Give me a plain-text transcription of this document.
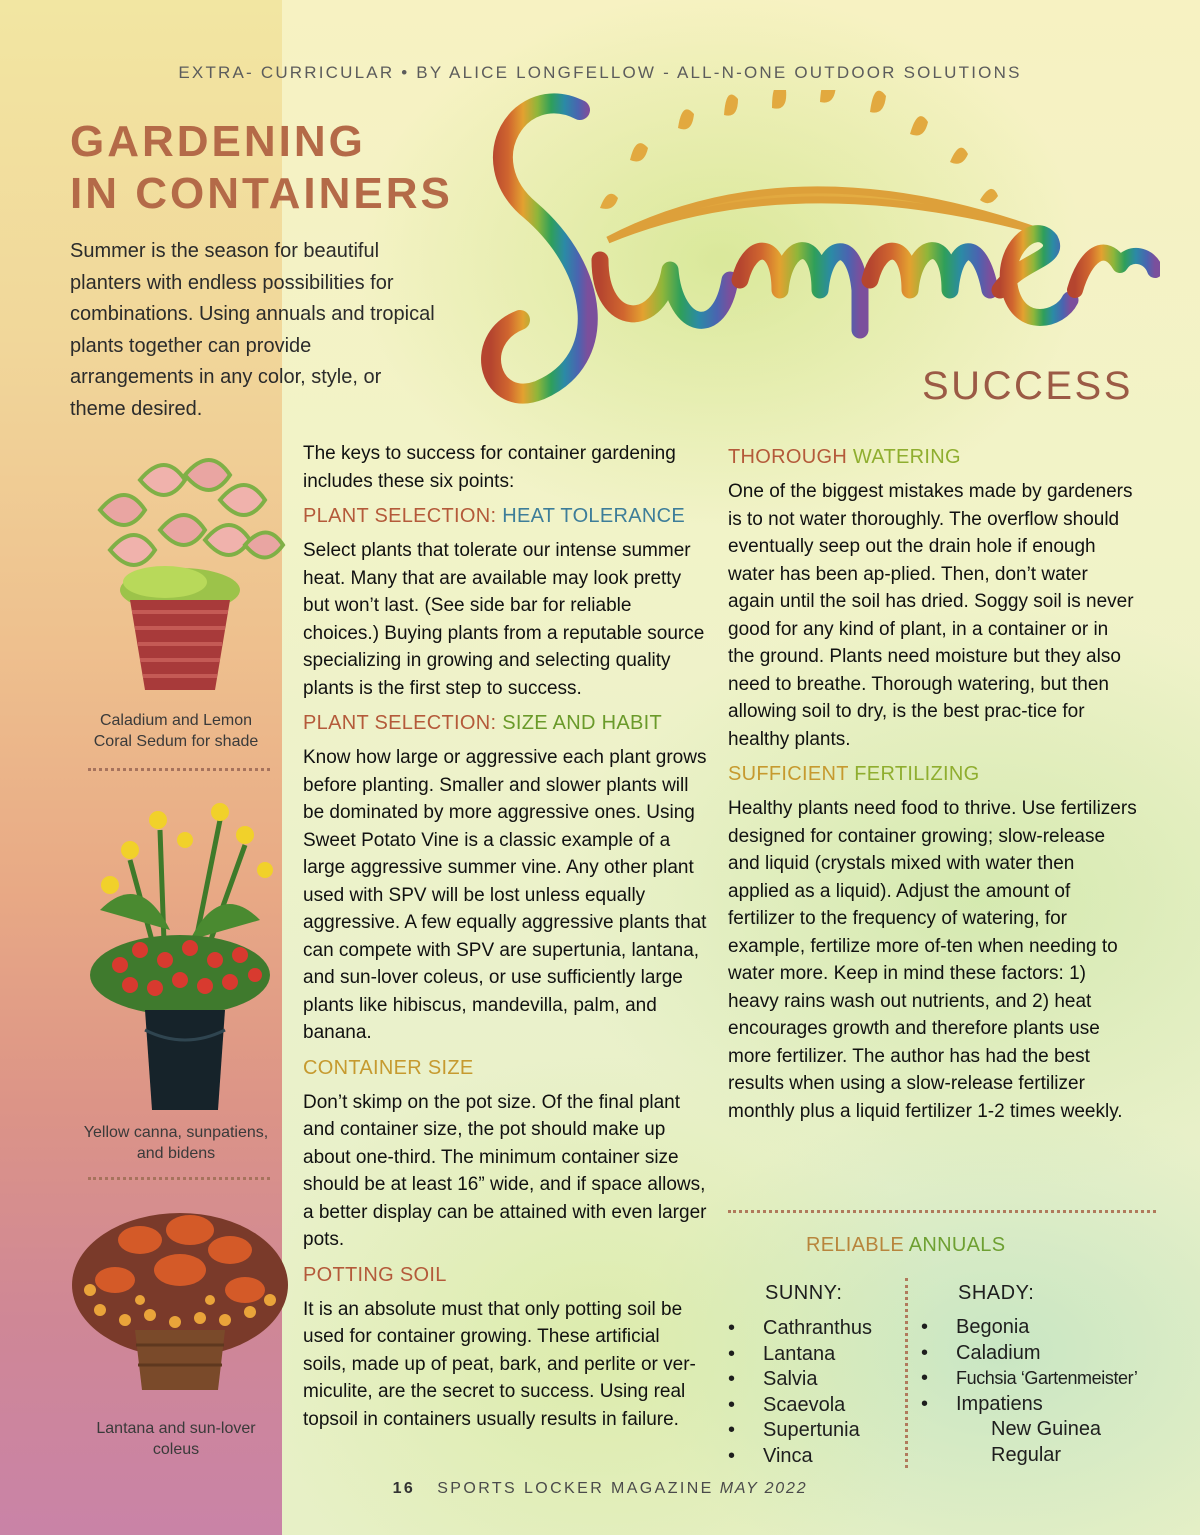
EXTRA- CURRICULAR • BY ALICE LONGFELLOW - ALL-N-ONE OUTDOOR SOLUTIONS
GARDENING
IN CONTAINERS

Summer is the season for beautiful planters with endless possibilities for combinations. Using annuals and tropical plants together can provide arrangements in any color, style, or theme desired.

SUCCESS
Caladium and Lemon
Coral Sedum for shade
Yellow canna, sunpatiens,
and bidens
Lantana and sun-lover
coleus

The keys to success for container gardening includes these six points:

PLANT SELECTION: HEAT TOLERANCE

Select plants that tolerate our intense summer heat. Many that are available may look pretty but won’t last. (See side bar for reliable choices.) Buying plants from a reputable source specializing in growing and selecting quality plants is the first step to success.

PLANT SELECTION: SIZE AND HABIT

Know how large or aggressive each plant grows before planting. Smaller and slower plants will be dominated by more aggressive ones. Using Sweet Potato Vine is a classic example of a large aggressive summer vine. Any other plant used with SPV will be lost unless equally aggressive. A few equally aggressive plants that can compete with SPV are supertunia, lantana, and sun-lover coleus, or use sufficiently large plants like hibiscus, mandevilla, palm, and banana.

CONTAINER SIZE

Don’t skimp on the pot size. Of the final plant and container size, the pot should make up about one-third. The minimum container size should be at least 16” wide, and if space allows, a better display can be attained with even larger pots.

POTTING SOIL

It is an absolute must that only potting soil be used for container growing. These artificial soils, made up of peat, bark, and perlite or ver-miculite, are the secret to success. Using real topsoil in containers usually results in failure.

THOROUGH WATERING

One of the biggest mistakes made by gardeners is to not water thoroughly. The overflow should eventually seep out the drain hole if enough water has been ap-plied. Then, don’t water again until the soil has dried. Soggy soil is never good for any kind of plant, in a container or in the ground. Plants need moisture but they also need to breathe. Thorough watering, but then allowing soil to dry, is the best prac-tice for healthy plants.

SUFFICIENT FERTILIZING

Healthy plants need food to thrive. Use fertilizers designed for container growing; slow-release and liquid (crystals mixed with water then applied as a liquid). Adjust the amount of fertilizer to the frequency of watering, for example, fertilize more of-ten when needing to water more. Keep in mind these factors: 1) heavy rains wash out nutrients, and 2) heat encourages growth and therefore plants use more fertilizer. The author has had the best results when using a slow-release fertilizer monthly plus a liquid fertilizer 1-2 times weekly.

RELIABLE ANNUALS
SUNNY:	SHADY:
• Cathranthus
• Lantana
• Salvia
• Scaevola
• Supertunia
• Vinca
• Begonia
• Caladium
• Fuchsia ‘Gartenmeister’
• Impatiens
New Guinea
Regular
16 SPORTS LOCKER MAGAZINE MAY 2022
